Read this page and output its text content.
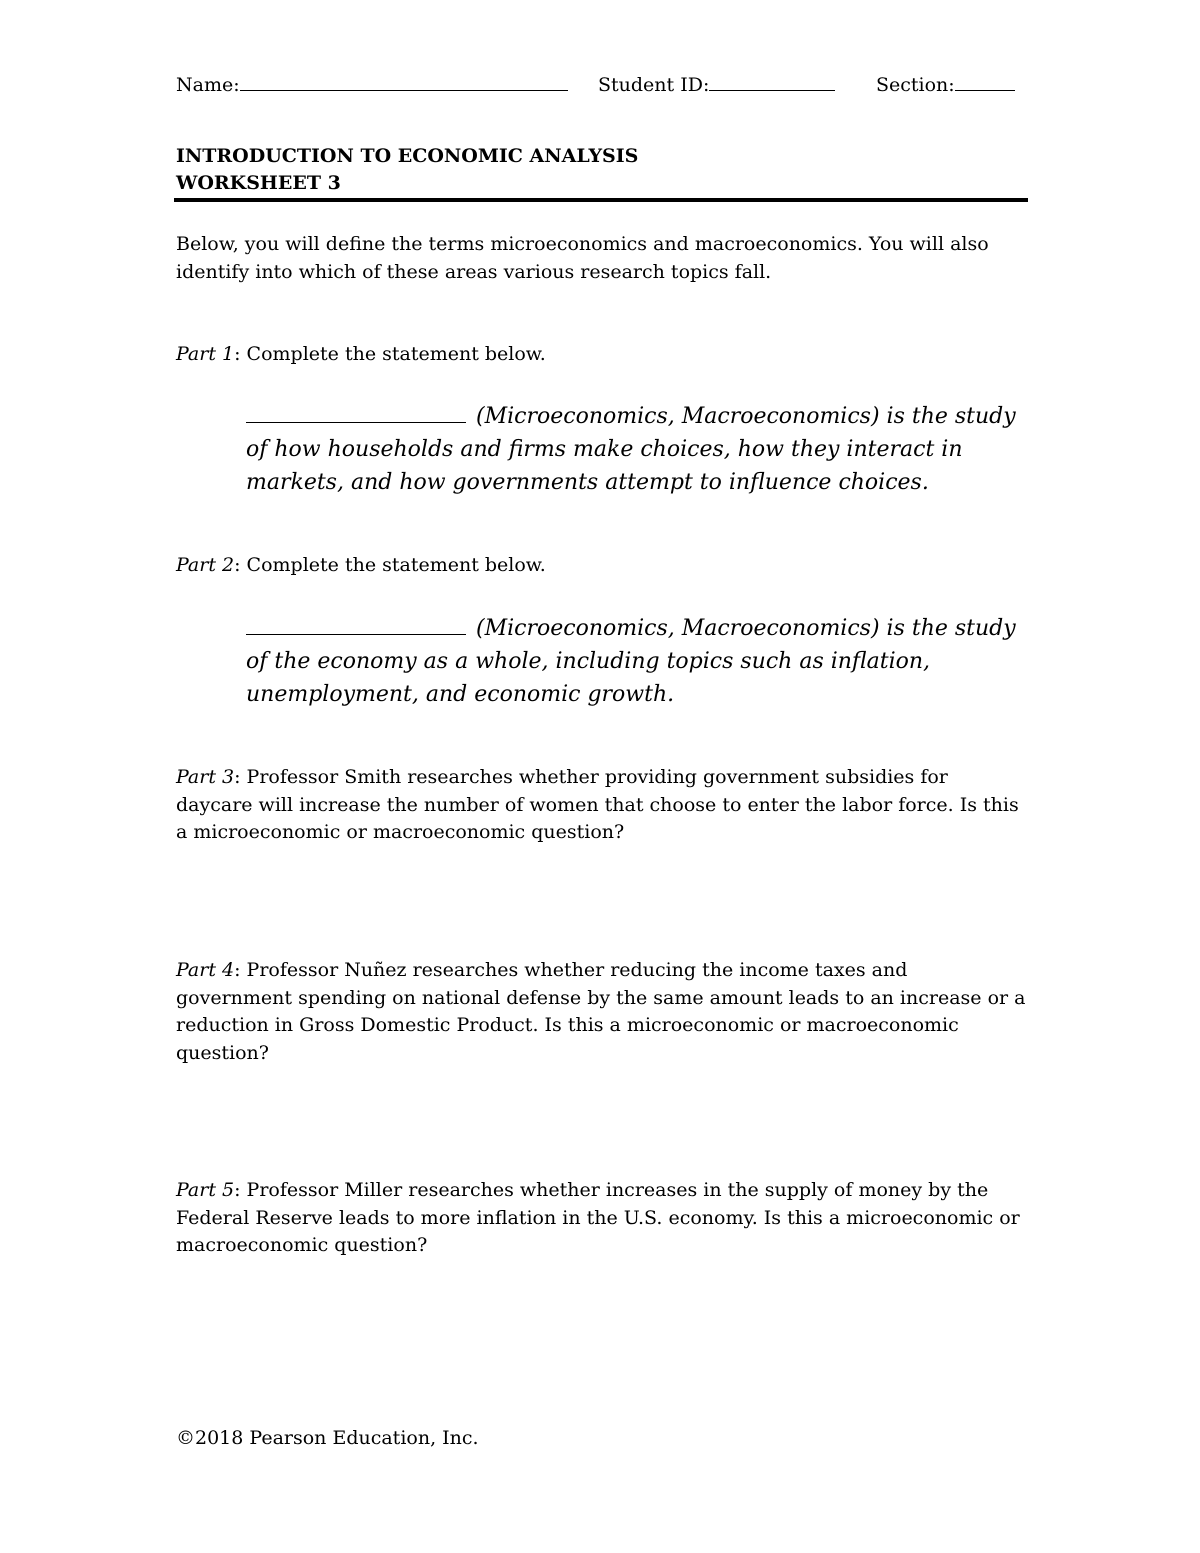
Name:	Student ID:	Section:
INTRODUCTION TO ECONOMIC ANALYSIS
WORKSHEET 3
Below, you will define the terms microeconomics and macroeconomics. You will also identify into which of these areas various research topics fall.
Part 1: Complete the statement below.
(Microeconomics, Macroeconomics) is the study of how households and firms make choices, how they interact in markets, and how governments attempt to influence choices.
Part 2: Complete the statement below.
(Microeconomics, Macroeconomics) is the study of the economy as a whole, including topics such as inflation, unemployment, and economic growth.
Part 3: Professor Smith researches whether providing government subsidies for daycare will increase the number of women that choose to enter the labor force. Is this a microeconomic or macroeconomic question?
Part 4: Professor Nuñez researches whether reducing the income taxes and government spending on national defense by the same amount leads to an increase or a reduction in Gross Domestic Product. Is this a microeconomic or macroeconomic question?
Part 5: Professor Miller researches whether increases in the supply of money by the Federal Reserve leads to more inflation in the U.S. economy. Is this a microeconomic or macroeconomic question?
©2018 Pearson Education, Inc.
